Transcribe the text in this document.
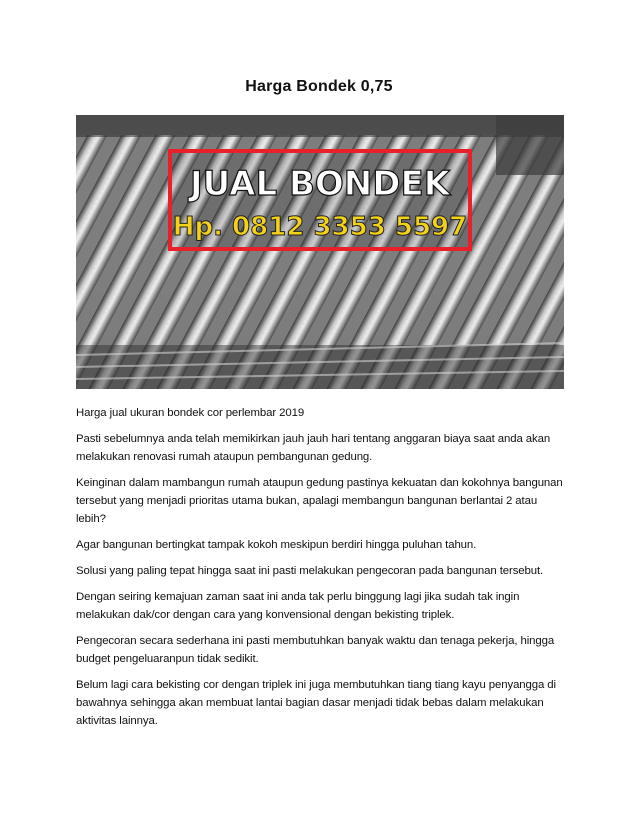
Harga Bondek 0,75
JUAL BONDEK
Hp. 0812 3353 5597

Harga jual ukuran bondek cor perlembar 2019

Pasti sebelumnya anda telah memikirkan jauh jauh hari tentang anggaran biaya saat anda akan melakukan renovasi rumah ataupun pembangunan gedung.

Keinginan dalam mambangun rumah ataupun gedung pastinya kekuatan dan kokohnya bangunan tersebut yang menjadi prioritas utama bukan, apalagi membangun bangunan berlantai 2 atau lebih?

Agar bangunan bertingkat tampak kokoh meskipun berdiri hingga puluhan tahun.

Solusi yang paling tepat hingga saat ini pasti melakukan pengecoran pada bangunan tersebut.

Dengan seiring kemajuan zaman saat ini anda tak perlu binggung lagi jika sudah tak ingin melakukan dak/cor dengan cara yang konvensional dengan bekisting triplek.

Pengecoran secara sederhana ini pasti membutuhkan banyak waktu dan tenaga pekerja, hingga budget pengeluaranpun tidak sedikit.

Belum lagi cara bekisting cor dengan triplek ini juga membutuhkan tiang tiang kayu penyangga di bawahnya sehingga akan membuat lantai bagian dasar menjadi tidak bebas dalam melakukan aktivitas lainnya.
